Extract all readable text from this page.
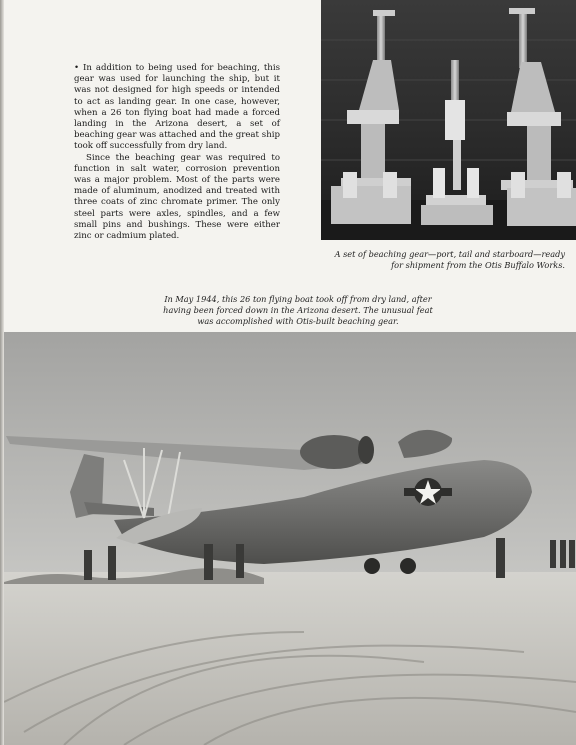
• In addition to being used for beaching, this gear was used for launching the ship, but it was not designed for high speeds or intended to act as landing gear. In one case, however, when a 26 ton flying boat had made a forced landing in the Arizona desert, a set of beaching gear was attached and the great ship took off successfully from dry land.

Since the beaching gear was required to function in salt water, corrosion prevention was a major problem. Most of the parts were made of aluminum, anodized and treated with three coats of zinc chromate primer. The only steel parts were axles, spindles, and a few small pins and bushings. These were either zinc or cadmium plated.

A set of beaching gear—port, tail and starboard—ready for shipment from the Otis Buffalo Works.
In May 1944, this 26 ton flying boat took off from dry land, after having been forced down in the Arizona desert. The unusual feat was accomplished with Otis-built beaching gear.
